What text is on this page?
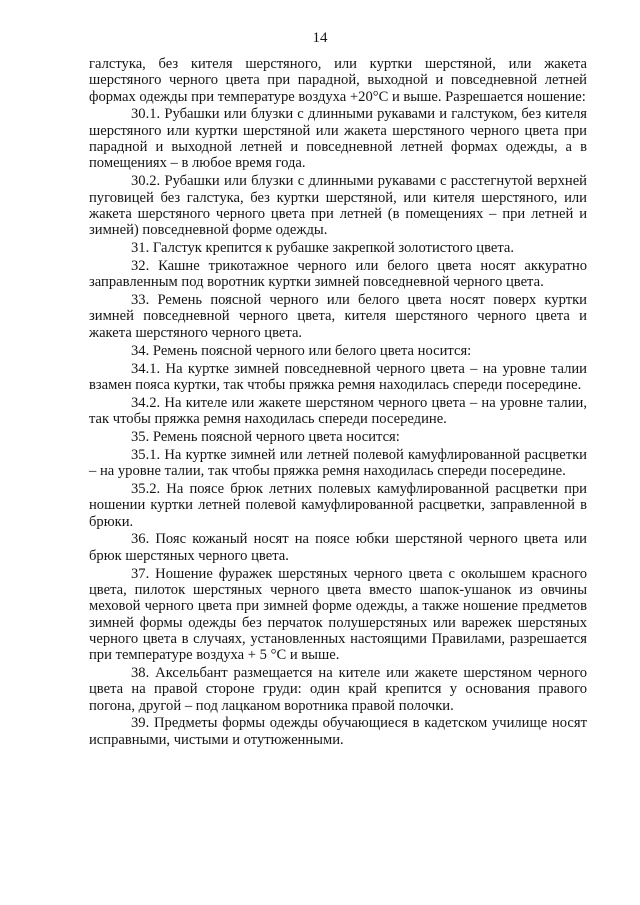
14

галстука, без кителя шерстяного, или куртки шерстяной, или жакета шерстяного черного цвета при парадной, выходной и повседневной летней формах одежды при температуре воздуха +20°С и выше. Разрешается ношение:

30.1. Рубашки или блузки с длинными рукавами и галстуком, без кителя шерстяного или куртки шерстяной или жакета шерстяного черного цвета при парадной и выходной летней и повседневной летней формах одежды, а в помещениях – в любое время года.

30.2. Рубашки или блузки с длинными рукавами с расстегнутой верхней пуговицей без галстука, без куртки шерстяной, или кителя шерстяного, или жакета шерстяного черного цвета при летней (в помещениях – при летней и зимней) повседневной форме одежды.

31. Галстук крепится к рубашке закрепкой золотистого цвета.

32. Кашне трикотажное черного или белого цвета носят аккуратно заправленным под воротник куртки зимней повседневной черного цвета.

33. Ремень поясной черного или белого цвета носят поверх куртки зимней повседневной черного цвета, кителя шерстяного черного цвета и жакета шерстяного черного цвета.

34. Ремень поясной черного или белого цвета носится:

34.1. На куртке зимней повседневной черного цвета – на уровне талии взамен пояса куртки, так чтобы пряжка ремня находилась спереди посередине.

34.2. На кителе или жакете шерстяном черного цвета – на уровне талии, так чтобы пряжка ремня находилась спереди посередине.

35. Ремень поясной черного цвета носится:

35.1. На куртке зимней или летней полевой камуфлированной расцветки – на уровне талии, так чтобы пряжка ремня находилась спереди посередине.

35.2. На поясе брюк летних полевых камуфлированной расцветки при ношении куртки летней полевой камуфлированной расцветки, заправленной в брюки.

36. Пояс кожаный носят на поясе юбки шерстяной черного цвета или брюк шерстяных черного цвета.

37. Ношение фуражек шерстяных черного цвета с околышем красного цвета, пилоток шерстяных черного цвета вместо шапок-ушанок из овчины меховой черного цвета при зимней форме одежды, а также ношение предметов зимней формы одежды без перчаток полушерстяных или варежек шерстяных черного цвета в случаях, установленных настоящими Правилами, разрешается при температуре воздуха + 5 °С и выше.

38. Аксельбант размещается на кителе или жакете шерстяном черного цвета на правой стороне груди: один край крепится у основания правого погона, другой – под лацканом воротника правой полочки.

39. Предметы формы одежды обучающиеся в кадетском училище носят исправными, чистыми и отутюженными.
